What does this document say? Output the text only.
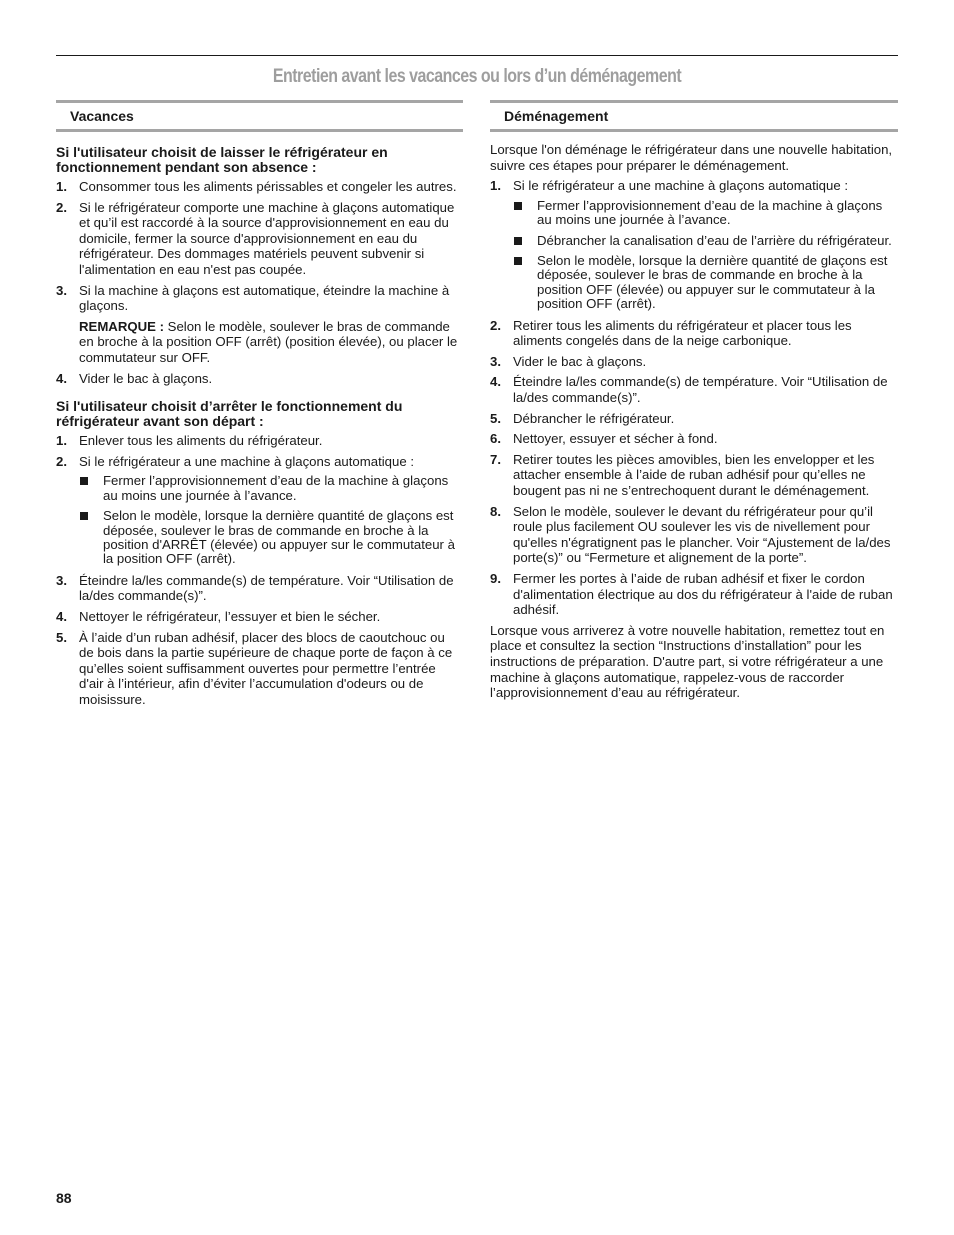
Entretien avant les vacances ou lors d’un déménagement
Vacances
Si l'utilisateur choisit de laisser le réfrigérateur en fonctionnement pendant son absence :
1. Consommer tous les aliments périssables et congeler les autres.
2. Si le réfrigérateur comporte une machine à glaçons automatique et qu’il est raccordé à la source d'approvisionnement en eau du domicile, fermer la source d'approvisionnement en eau du réfrigérateur. Des dommages matériels peuvent subvenir si l'alimentation en eau n'est pas coupée.
3. Si la machine à glaçons est automatique, éteindre la machine à glaçons.
REMARQUE : Selon le modèle, soulever le bras de commande en broche à la position OFF (arrêt) (position élevée), ou placer le commutateur sur OFF.
4. Vider le bac à glaçons.
Si l'utilisateur choisit d’arrêter le fonctionnement du réfrigérateur avant son départ :
1. Enlever tous les aliments du réfrigérateur.
2. Si le réfrigérateur a une machine à glaçons automatique :
Fermer l’approvisionnement d’eau de la machine à glaçons au moins une journée à l’avance.
Selon le modèle, lorsque la dernière quantité de glaçons est déposée, soulever le bras de commande en broche à la position d'ARRÊT (élevée) ou appuyer sur le commutateur à la position OFF (arrêt).
3. Éteindre la/les commande(s) de température. Voir “Utilisation de la/des commande(s)”.
4. Nettoyer le réfrigérateur, l’essuyer et bien le sécher.
5. À l’aide d’un ruban adhésif, placer des blocs de caoutchouc ou de bois dans la partie supérieure de chaque porte de façon à ce qu’elles soient suffisamment ouvertes pour permettre l’entrée d'air à l’intérieur, afin d’éviter l’accumulation d'odeurs ou de moisissure.
Déménagement

Lorsque l'on déménage le réfrigérateur dans une nouvelle habitation, suivre ces étapes pour préparer le déménagement.

1. Si le réfrigérateur a une machine à glaçons automatique :
Fermer l’approvisionnement d’eau de la machine à glaçons au moins une journée à l’avance.
Débrancher la canalisation d’eau de l’arrière du réfrigérateur.
Selon le modèle, lorsque la dernière quantité de glaçons est déposée, soulever le bras de commande en broche à la position OFF (élevée) ou appuyer sur le commutateur à la position OFF (arrêt).
2. Retirer tous les aliments du réfrigérateur et placer tous les aliments congelés dans de la neige carbonique.
3. Vider le bac à glaçons.
4. Éteindre la/les commande(s) de température. Voir “Utilisation de la/des commande(s)”.
5. Débrancher le réfrigérateur.
6. Nettoyer, essuyer et sécher à fond.
7. Retirer toutes les pièces amovibles, bien les envelopper et les attacher ensemble à l’aide de ruban adhésif pour qu’elles ne bougent pas ni ne s’entrechoquent durant le déménagement.
8. Selon le modèle, soulever le devant du réfrigérateur pour qu’il roule plus facilement OU soulever les vis de nivellement pour qu'elles n'égratignent pas le plancher. Voir “Ajustement de la/des porte(s)” ou “Fermeture et alignement de la porte”.
9. Fermer les portes à l’aide de ruban adhésif et fixer le cordon d'alimentation électrique au dos du réfrigérateur à l'aide de ruban adhésif.

Lorsque vous arriverez à votre nouvelle habitation, remettez tout en place et consultez la section “Instructions d’installation” pour les instructions de préparation. D'autre part, si votre réfrigérateur a une machine à glaçons automatique, rappelez-vous de raccorder l’approvisionnement d’eau au réfrigérateur.

88
